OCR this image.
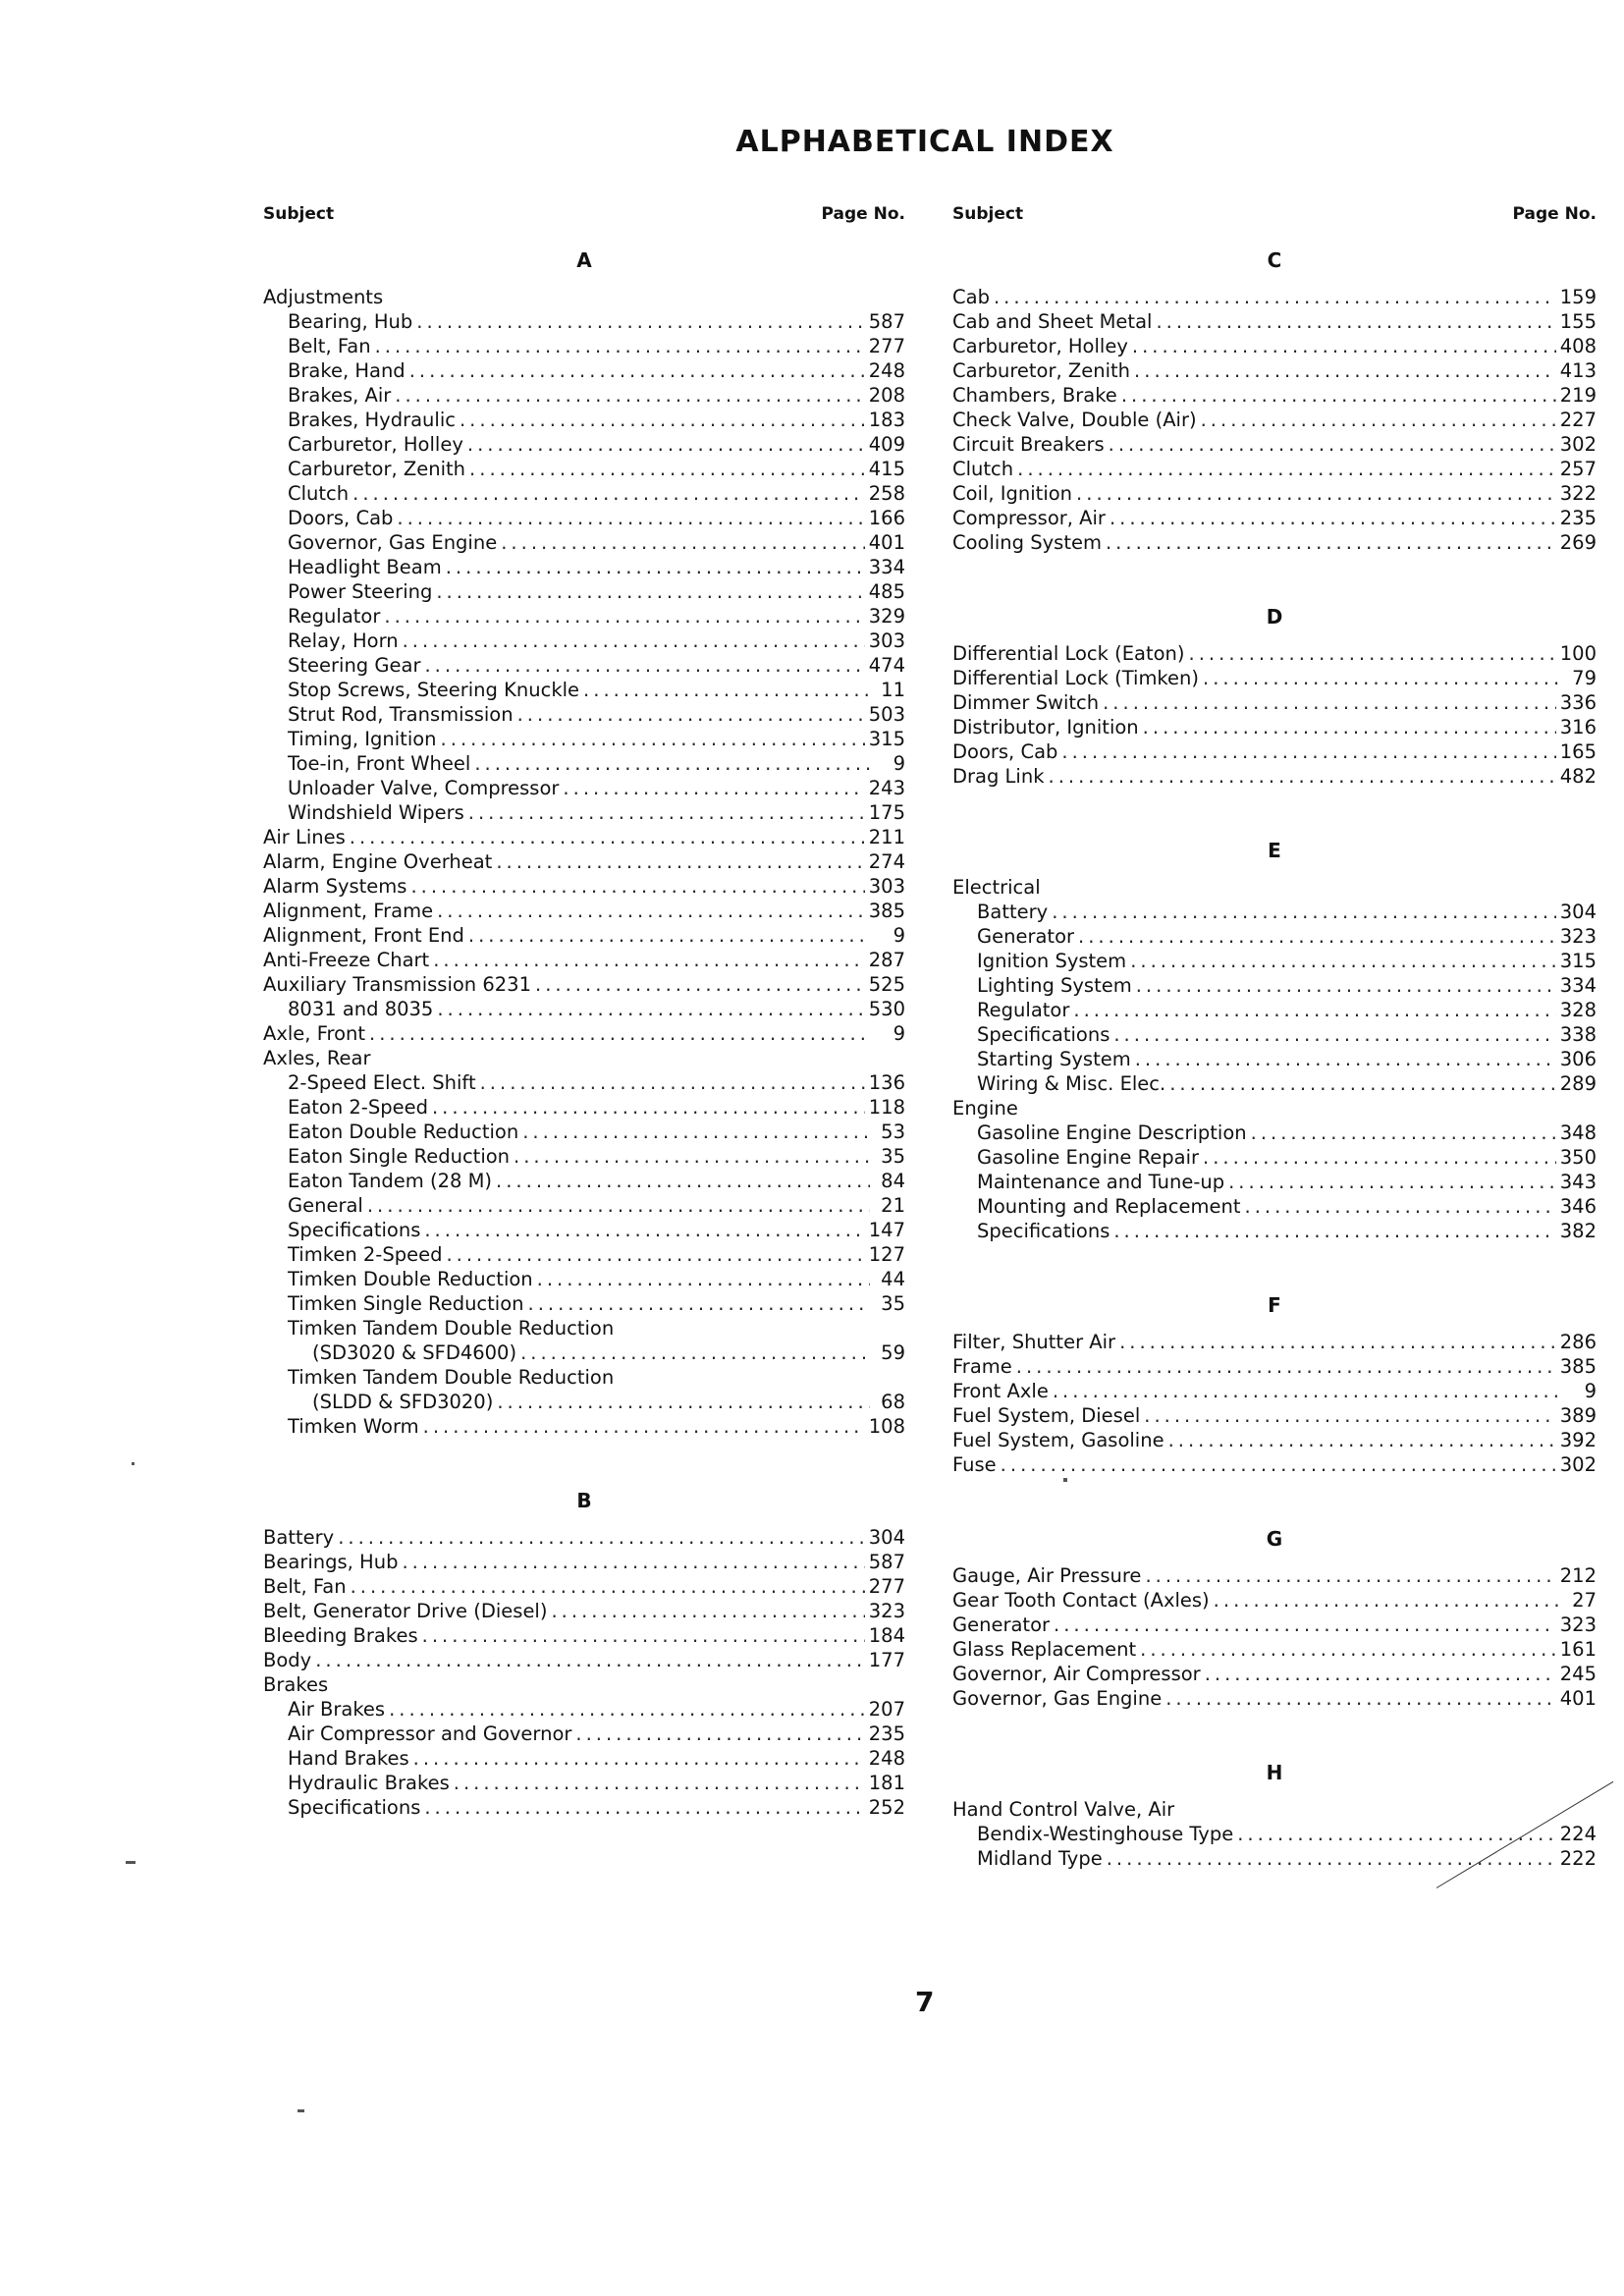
ALPHABETICAL INDEX
Subject	Page No.
A
Adjustments
Bearing, Hub .....	587
Belt, Fan .....	277
Brake, Hand .....	248
Brakes, Air .....	208
Brakes, Hydraulic .....	183
Carburetor, Holley .....	409
Carburetor, Zenith .....	415
Clutch .....	258
Doors, Cab .....	166
Governor, Gas Engine .....	401
Headlight Beam .....	334
Power Steering .....	485
Regulator .....	329
Relay, Horn .....	303
Steering Gear .....	474
Stop Screws, Steering Knuckle .....	11
Strut Rod, Transmission .....	503
Timing, Ignition .....	315
Toe-in, Front Wheel .....	9
Unloader Valve, Compressor .....	243
Windshield Wipers .....	175
Air Lines .....	211
Alarm, Engine Overheat .....	274
Alarm Systems .....	303
Alignment, Frame .....	385
Alignment, Front End .....	9
Anti-Freeze Chart .....	287
Auxiliary Transmission 6231 .....	525
8031 and 8035 .....	530
Axle, Front .....	9
Axles, Rear
2-Speed Elect. Shift .....	136
Eaton 2-Speed .....	118
Eaton Double Reduction .....	53
Eaton Single Reduction .....	35
Eaton Tandem (28 M) .....	84
General .....	21
Specifications .....	147
Timken 2-Speed .....	127
Timken Double Reduction .....	44
Timken Single Reduction .....	35
Timken Tandem Double Reduction
(SD3020 & SFD4600) .....	59
Timken Tandem Double Reduction
(SLDD & SFD3020) .....	68
Timken Worm .....	108
B
Battery .....	304
Bearings, Hub .....	587
Belt, Fan .....	277
Belt, Generator Drive (Diesel) .....	323
Bleeding Brakes .....	184
Body .....	177
Brakes
Air Brakes .....	207
Air Compressor and Governor .....	235
Hand Brakes .....	248
Hydraulic Brakes .....	181
Specifications .....	252
Subject	Page No.
C
Cab .....	159
Cab and Sheet Metal .....	155
Carburetor, Holley .....	408
Carburetor, Zenith .....	413
Chambers, Brake .....	219
Check Valve, Double (Air) .....	227
Circuit Breakers .....	302
Clutch .....	257
Coil, Ignition .....	322
Compressor, Air .....	235
Cooling System .....	269
D
Differential Lock (Eaton) .....	100
Differential Lock (Timken) .....	79
Dimmer Switch .....	336
Distributor, Ignition .....	316
Doors, Cab .....	165
Drag Link .....	482
E
Electrical
Battery .....	304
Generator .....	323
Ignition System .....	315
Lighting System .....	334
Regulator .....	328
Specifications .....	338
Starting System .....	306
Wiring & Misc. Elec. .....	289
Engine
Gasoline Engine Description .....	348
Gasoline Engine Repair .....	350
Maintenance and Tune-up .....	343
Mounting and Replacement .....	346
Specifications .....	382
F
Filter, Shutter Air .....	286
Frame .....	385
Front Axle .....	9
Fuel System, Diesel .....	389
Fuel System, Gasoline .....	392
Fuse .....	302
G
Gauge, Air Pressure .....	212
Gear Tooth Contact (Axles) .....	27
Generator .....	323
Glass Replacement .....	161
Governor, Air Compressor .....	245
Governor, Gas Engine .....	401
H
Hand Control Valve, Air
Bendix-Westinghouse Type .....	224
Midland Type .....	222
7
